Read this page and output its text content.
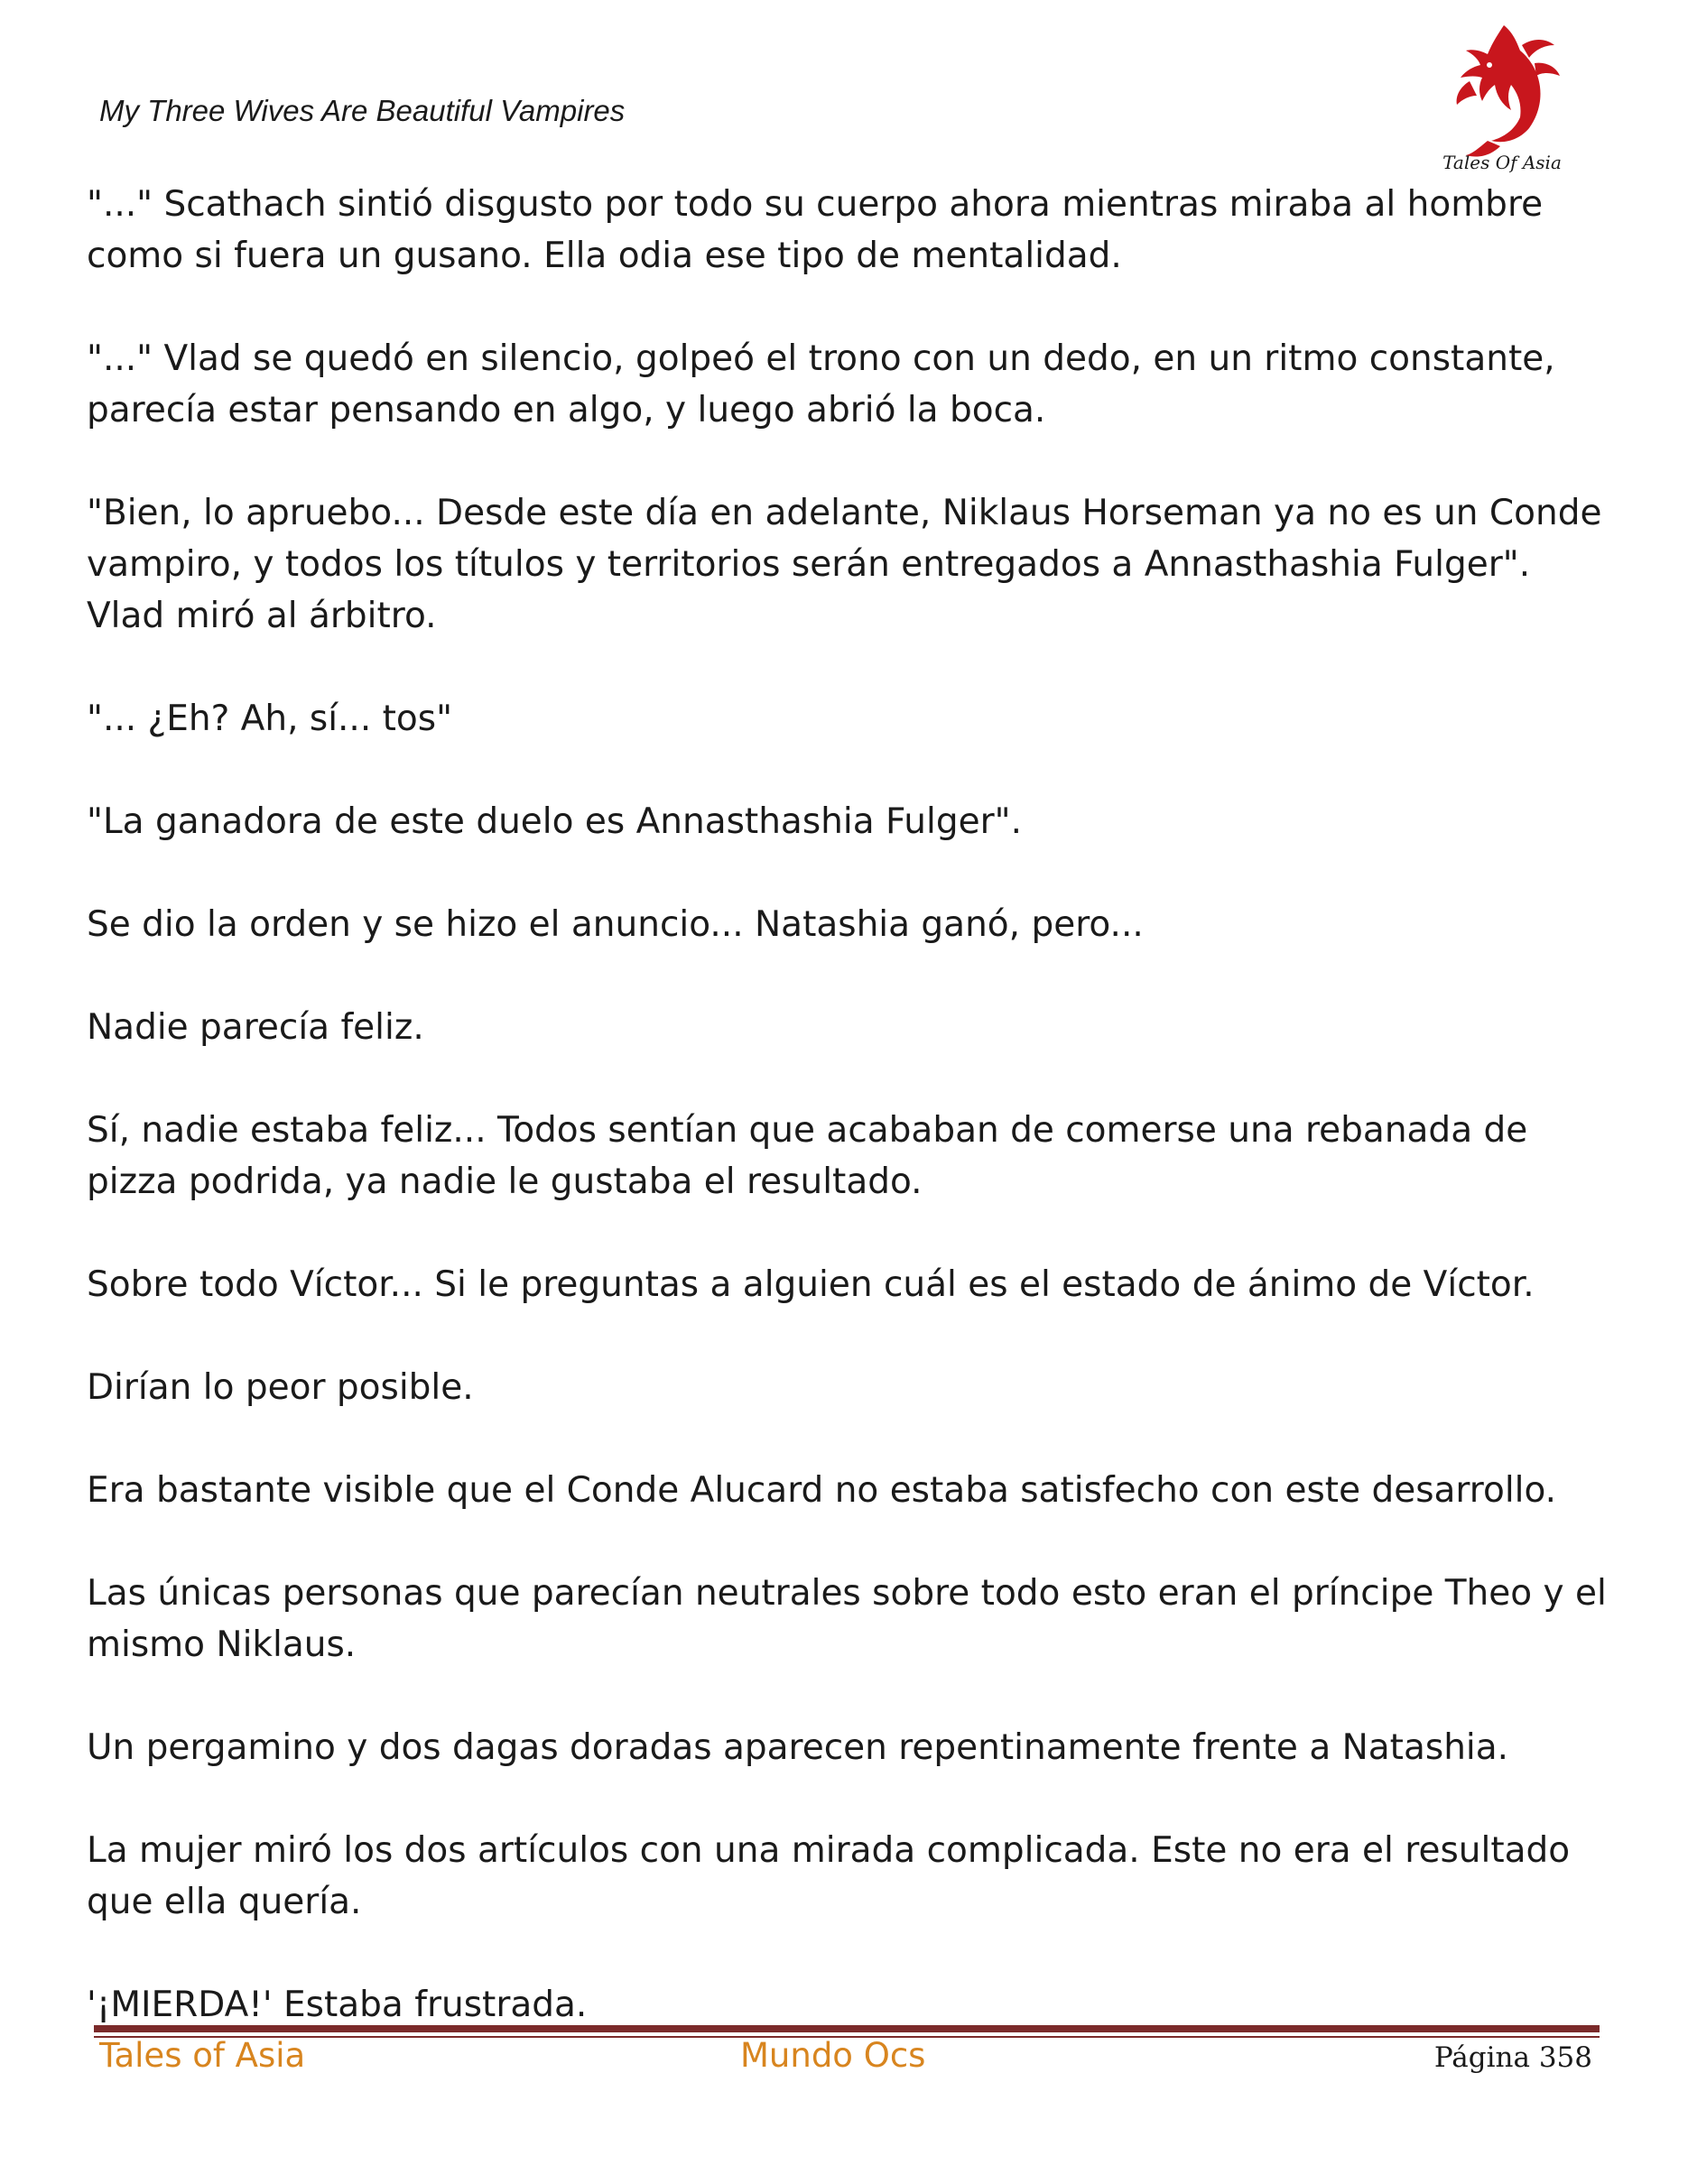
My Three Wives Are Beautiful Vampires
Tales Of Asia

"..." Scathach sintió disgusto por todo su cuerpo ahora mientras miraba al hombre como si fuera un gusano. Ella odia ese tipo de mentalidad.

"..." Vlad se quedó en silencio, golpeó el trono con un dedo, en un ritmo constante, parecía estar pensando en algo, y luego abrió la boca.

"Bien, lo apruebo... Desde este día en adelante, Niklaus Horseman ya no es un Conde vampiro, y todos los títulos y territorios serán entregados a Annasthashia Fulger". Vlad miró al árbitro.

"... ¿Eh? Ah, sí... tos"

"La ganadora de este duelo es Annasthashia Fulger".

Se dio la orden y se hizo el anuncio... Natashia ganó, pero...

Nadie parecía feliz.

Sí, nadie estaba feliz... Todos sentían que acababan de comerse una rebanada de pizza podrida, ya nadie le gustaba el resultado.

Sobre todo Víctor... Si le preguntas a alguien cuál es el estado de ánimo de Víctor.

Dirían lo peor posible.

Era bastante visible que el Conde Alucard no estaba satisfecho con este desarrollo.

Las únicas personas que parecían neutrales sobre todo esto eran el príncipe Theo y el mismo Niklaus.

Un pergamino y dos dagas doradas aparecen repentinamente frente a Natashia.

La mujer miró los dos artículos con una mirada complicada. Este no era el resultado que ella quería.

'¡MIERDA!' Estaba frustrada.

Tales of Asia	Mundo Ocs	Página 358
